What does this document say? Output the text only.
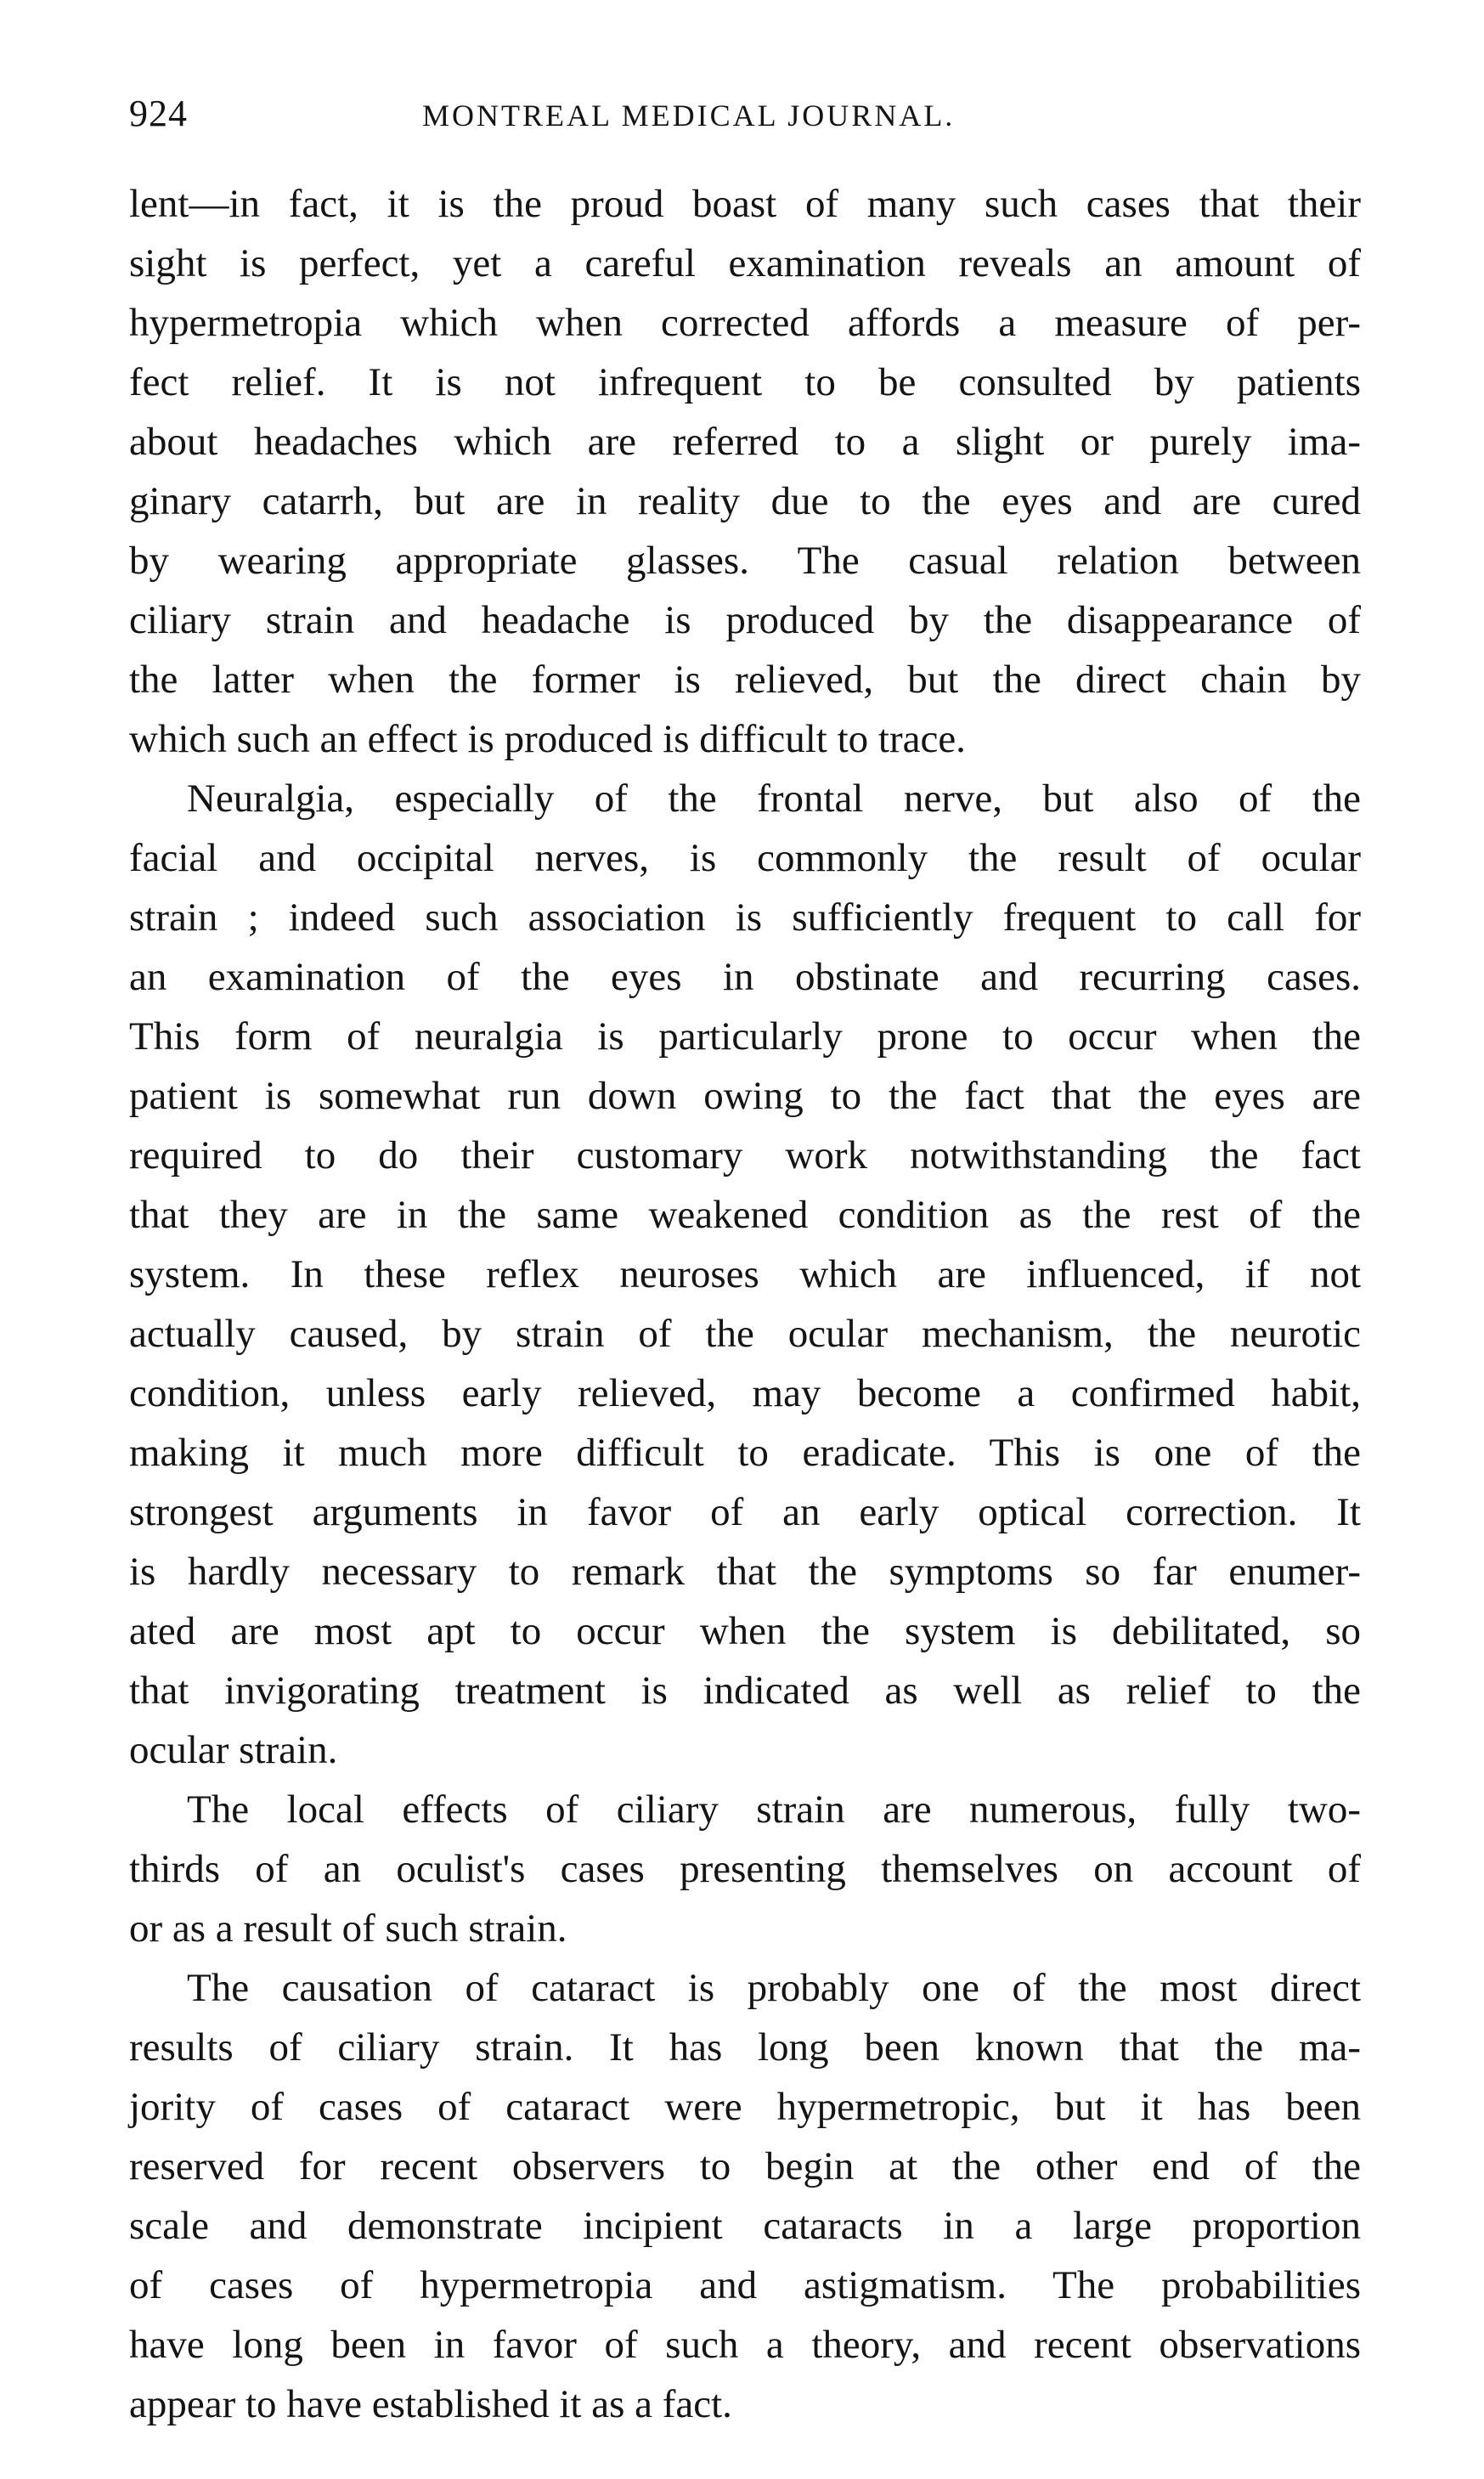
924	MONTREAL MEDICAL JOURNAL.
lent—in fact, it is the proud boast of many such cases that their
sight is perfect, yet a careful examination reveals an amount of
hypermetropia which when corrected affords a measure of per-
fect relief. It is not infrequent to be consulted by patients
about headaches which are referred to a slight or purely ima-
ginary catarrh, but are in reality due to the eyes and are cured
by wearing appropriate glasses. The casual relation between
ciliary strain and headache is produced by the disappearance of
the latter when the former is relieved, but the direct chain by
which such an effect is produced is difficult to trace.
Neuralgia, especially of the frontal nerve, but also of the
facial and occipital nerves, is commonly the result of ocular
strain ; indeed such association is sufficiently frequent to call for
an examination of the eyes in obstinate and recurring cases.
This form of neuralgia is particularly prone to occur when the
patient is somewhat run down owing to the fact that the eyes are
required to do their customary work notwithstanding the fact
that they are in the same weakened condition as the rest of the
system. In these reflex neuroses which are influenced, if not
actually caused, by strain of the ocular mechanism, the neurotic
condition, unless early relieved, may become a confirmed habit,
making it much more difficult to eradicate. This is one of the
strongest arguments in favor of an early optical correction. It
is hardly necessary to remark that the symptoms so far enumer-
ated are most apt to occur when the system is debilitated, so
that invigorating treatment is indicated as well as relief to the
ocular strain.
The local effects of ciliary strain are numerous, fully two-
thirds of an oculist's cases presenting themselves on account of
or as a result of such strain.
The causation of cataract is probably one of the most direct
results of ciliary strain. It has long been known that the ma-
jority of cases of cataract were hypermetropic, but it has been
reserved for recent observers to begin at the other end of the
scale and demonstrate incipient cataracts in a large proportion
of cases of hypermetropia and astigmatism. The probabilities
have long been in favor of such a theory, and recent observations
appear to have established it as a fact.
